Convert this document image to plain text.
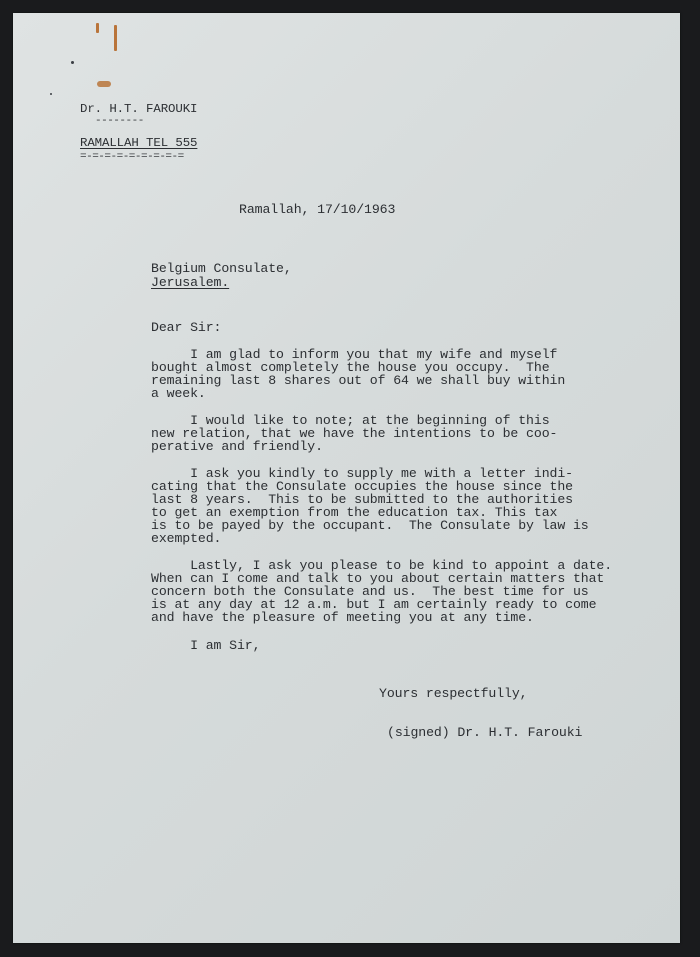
Dr. H.T. FAROUKI
--------
RAMALLAH TEL 555
=-=-=-=-=-=-=-=-=
Ramallah, 17/10/1963
Belgium Consulate,
Jerusalem.
Dear Sir:
I am glad to inform you that my wife and myself
bought almost completely the house you occupy.  The
remaining last 8 shares out of 64 we shall buy within
a week.
I would like to note; at the beginning of this
new relation, that we have the intentions to be coo-
perative and friendly.
I ask you kindly to supply me with a letter indi-
cating that the Consulate occupies the house since the
last 8 years.  This to be submitted to the authorities
to get an exemption from the education tax. This tax
is to be payed by the occupant.  The Consulate by law is
exempted.
Lastly, I ask you please to be kind to appoint a date.
When can I come and talk to you about certain matters that
concern both the Consulate and us.  The best time for us
is at any day at 12 a.m. but I am certainly ready to come
and have the pleasure of meeting you at any time.
I am Sir,
Yours respectfully,
(signed) Dr. H.T. Farouki
